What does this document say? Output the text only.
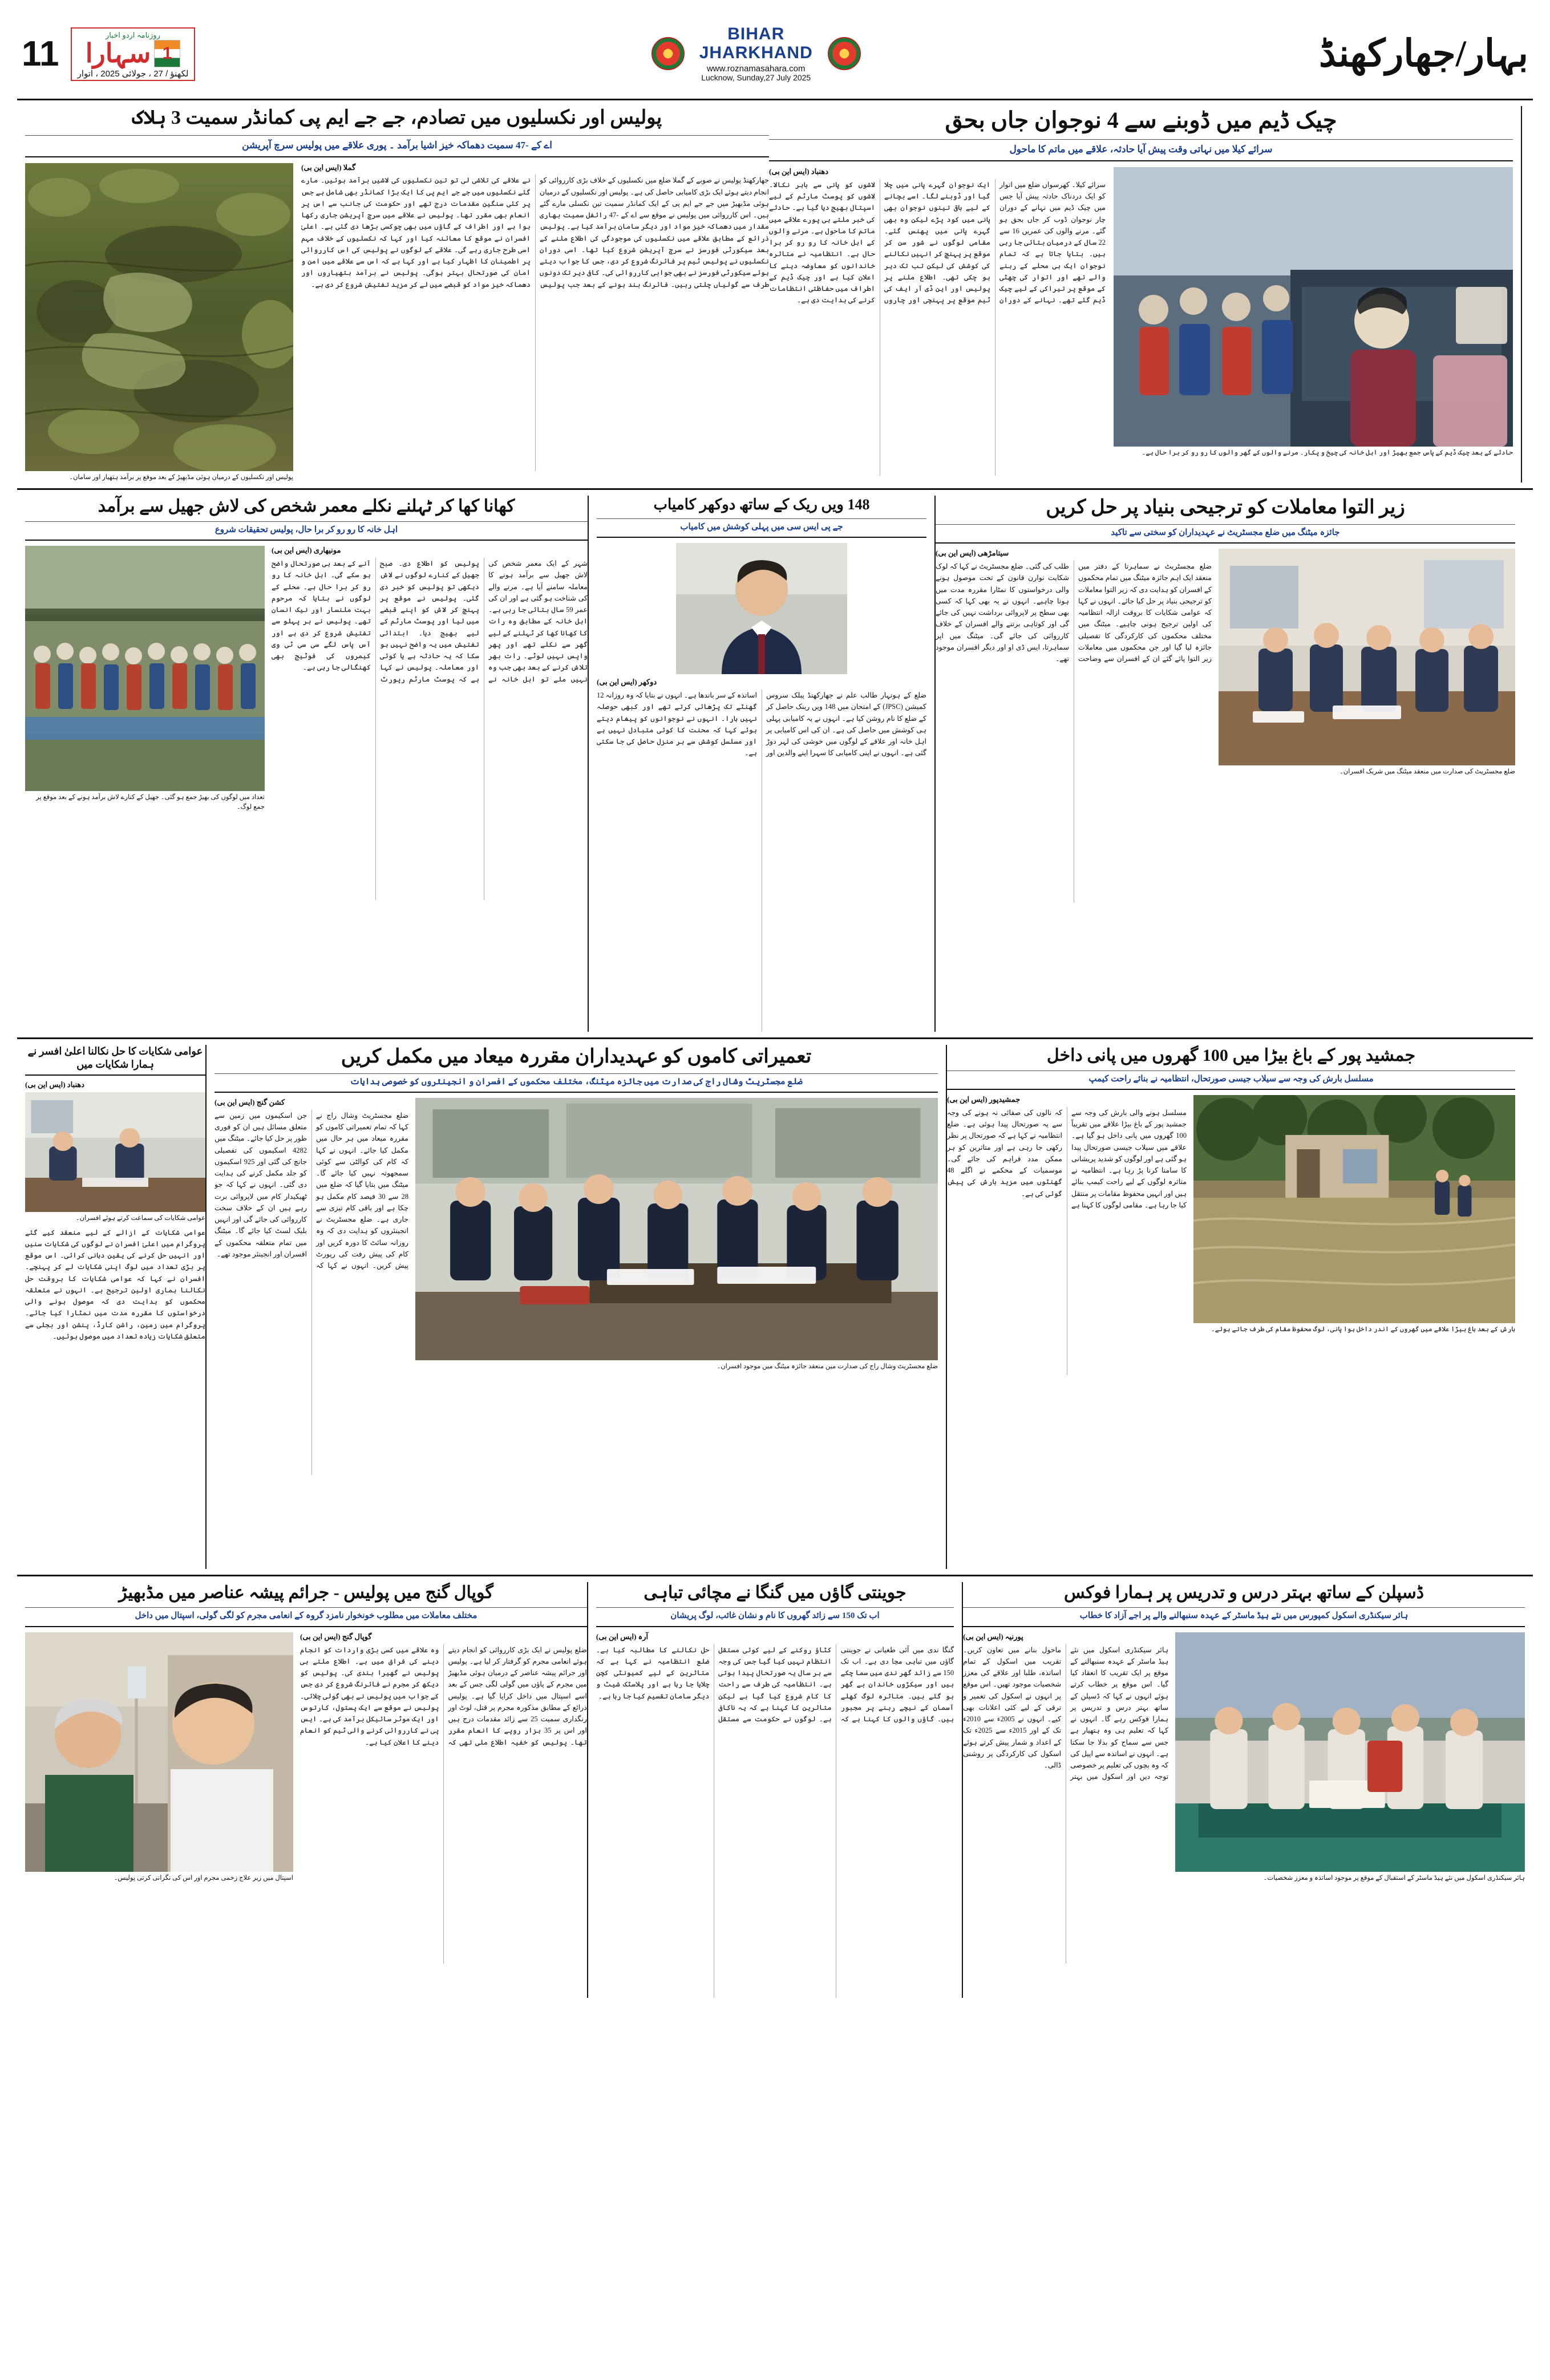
11	روزنامہ اردو اخبار
سہارا 1
لکھنؤ / 27 ، جولائی 2025 ، اتوار
BIHAR
JHARKHAND
www.roznamasahara.com
Lucknow, Sunday,27 July 2025
بہار/جھارکھنڈ
پولیس اور نکسلیوں میں تصادم، جے جے ایم پی کمانڈر سمیت 3 ہلاک
اے کے -47 سمیت دھماکہ خیز اشیا برآمد ۔ پوری علاقے میں پولیس سرچ آپریشن
گملا (ایس این بی)
جھارکھنڈ پولیس نے صوبے کے گملا ضلع میں نکسلیوں کے خلاف بڑی کارروائی کو انجام دیتے ہوئے ایک بڑی کامیابی حاصل کی ہے۔ پولیس اور نکسلیوں کے درمیان ہوئی مڈبھیڑ میں جے جے ایم پی کے ایک کمانڈر سمیت تین نکسلی مارے گئے ہیں۔ اس کارروائی میں پولیس نے موقع سے اے کے -47 رائفل سمیت بھاری مقدار میں دھماکہ خیز مواد اور دیگر سامان برآمد کیا ہے۔ پولیس ذرائع کے مطابق علاقے میں نکسلیوں کی موجودگی کی اطلاع ملنے کے بعد سیکورٹی فورسز نے سرچ آپریشن شروع کیا تھا۔ اسی دوران نکسلیوں نے پولیس ٹیم پر فائرنگ شروع کر دی، جس کا جواب دیتے ہوئے سیکورٹی فورسز نے بھی جوابی کارروائی کی۔ کافی دیر تک دونوں طرف سے گولیاں چلتی رہیں۔ فائرنگ بند ہونے کے بعد جب پولیس نے علاقے کی تلاشی لی تو تین نکسلیوں کی لاشیں برآمد ہوئیں۔ مارے گئے نکسلیوں میں جے جے ایم پی کا ایک بڑا کمانڈر بھی شامل ہے جس پر کئی سنگین مقدمات درج تھے اور حکومت کی جانب سے اس پر انعام بھی مقرر تھا۔ پولیس نے علاقے میں سرچ آپریشن جاری رکھا ہوا ہے اور اطراف کے گاؤں میں بھی چوکسی بڑھا دی گئی ہے۔ اعلیٰ افسران نے موقع کا معائنہ کیا اور کہا کہ نکسلیوں کے خلاف مہم اسی طرح جاری رہے گی۔ علاقے کے لوگوں نے پولیس کی اس کارروائی پر اطمینان کا اظہار کیا ہے اور کہا ہے کہ اس سے علاقے میں امن و امان کی صورتحال بہتر ہوگی۔ پولیس نے برآمد ہتھیاروں اور دھماکہ خیز مواد کو قبضے میں لے کر مزید تفتیش شروع کر دی ہے۔
پولیس اور نکسلیوں کے درمیان ہوئی مڈبھیڑ کے بعد موقع پر برآمد ہتھیار اور سامان۔
چیک ڈیم میں ڈوبنے سے 4 نوجوان جاں بحق
سرائے کیلا میں نہاتی وقت پیش آیا حادثہ، علاقے میں ماتم کا ماحول
دھنباد (ایس این بی)
سرائے کیلا۔ کھرسواں ضلع میں اتوار کو ایک دردناک حادثہ پیش آیا جس میں چیک ڈیم میں نہانے کے دوران چار نوجوان ڈوب کر جاں بحق ہو گئے۔ مرنے والوں کی عمریں 16 سے 22 سال کے درمیان بتائی جا رہی ہیں۔ بتایا جاتا ہے کہ تمام نوجوان ایک ہی محلے کے رہنے والے تھے اور اتوار کی چھٹی کے موقع پر تیراکی کے لیے چیک ڈیم گئے تھے۔ نہانے کے دوران ایک نوجوان گہرے پانی میں چلا گیا اور ڈوبنے لگا۔ اسے بچانے کے لیے باقی تینوں نوجوان بھی پانی میں کود پڑے لیکن وہ بھی گہرے پانی میں پھنس گئے۔ مقامی لوگوں نے شور سن کر موقع پر پہنچ کر انہیں نکالنے کی کوشش کی لیکن تب تک دیر ہو چکی تھی۔ اطلاع ملنے پر پولیس اور این ڈی آر ایف کی ٹیم موقع پر پہنچی اور چاروں لاشوں کو پانی سے باہر نکالا۔ لاشوں کو پوسٹ مارٹم کے لیے اسپتال بھیج دیا گیا ہے۔ حادثے کی خبر ملتے ہی پورے علاقے میں ماتم کا ماحول ہے۔ مرنے والوں کے اہل خانہ کا رو رو کر برا حال ہے۔ انتظامیہ نے متاثرہ خاندانوں کو معاوضہ دینے کا اعلان کیا ہے اور چیک ڈیم کے اطراف میں حفاظتی انتظامات کرنے کی ہدایت دی ہے۔
حادثے کے بعد چیک ڈیم کے پاس جمع بھیڑ اور اہل خانہ کی چیخ و پکار۔ مرنے والوں کے گھر والوں کا رو رو کر برا حال ہے۔
کھانا کھا کر ٹہلنے نکلے معمر شخص کی لاش جھیل سے برآمد
اہل خانہ کا رو رو کر برا حال، پولیس تحقیقات شروع
تعداد میں لوگوں کی بھیڑ جمع ہو گئی۔ جھیل کے کنارے لاش برآمد ہونے کے بعد موقع پر جمع لوگ۔
مونیھاری (ایس این بی)
شہر کے ایک معمر شخص کی لاش جھیل سے برآمد ہونے کا معاملہ سامنے آیا ہے۔ مرنے والے کی شناخت ہو گئی ہے اور ان کی عمر 59 سال بتائی جا رہی ہے۔ اہل خانہ کے مطابق وہ رات کا کھانا کھا کر ٹہلنے کے لیے گھر سے نکلے تھے اور پھر واپس نہیں لوٹے۔ رات بھر تلاش کرنے کے بعد بھی جب وہ نہیں ملے تو اہل خانہ نے پولیس کو اطلاع دی۔ صبح جھیل کے کنارے لوگوں نے لاش دیکھی تو پولیس کو خبر دی گئی۔ پولیس نے موقع پر پہنچ کر لاش کو اپنے قبضے میں لیا اور پوسٹ مارٹم کے لیے بھیج دیا۔ ابتدائی تفتیش میں یہ واضح نہیں ہو سکا کہ یہ حادثہ ہے یا کوئی اور معاملہ۔ پولیس نے کہا ہے کہ پوسٹ مارٹم رپورٹ آنے کے بعد ہی صورتحال واضح ہو سکے گی۔ اہل خانہ کا رو رو کر برا حال ہے۔ محلے کے لوگوں نے بتایا کہ مرحوم بہت ملنسار اور نیک انسان تھے۔ پولیس نے ہر پہلو سے تفتیش شروع کر دی ہے اور آس پاس لگے سی سی ٹی وی کیمروں کی فوٹیج بھی کھنگالی جا رہی ہے۔
148 ویں ریک کے ساتھ دوکھر کامیاب
جے پی ایس سی میں پہلی کوشش میں کامیاب
دوکھر (ایس این بی)
ضلع کے ہونہار طالب علم نے جھارکھنڈ پبلک سروس کمیشن (JPSC) کے امتحان میں 148 ویں رینک حاصل کر کے ضلع کا نام روشن کیا ہے۔ انہوں نے یہ کامیابی پہلی ہی کوشش میں حاصل کی ہے۔ ان کی اس کامیابی پر اہل خانہ اور علاقے کے لوگوں میں خوشی کی لہر دوڑ گئی ہے۔ انہوں نے اپنی کامیابی کا سہرا اپنے والدین اور اساتذہ کے سر باندھا ہے۔ انہوں نے بتایا کہ وہ روزانہ 12 گھنٹے تک پڑھائی کرتے تھے اور کبھی حوصلہ نہیں ہارا۔ انہوں نے نوجوانوں کو پیغام دیتے ہوئے کہا کہ محنت کا کوئی متبادل نہیں ہے اور مسلسل کوشش سے ہر منزل حاصل کی جا سکتی ہے۔
زیر التوا معاملات کو ترجیحی بنیاد پر حل کریں
جائزہ میٹنگ میں ضلع مجسٹریٹ نے عہدیداران کو سختی سے تاکید
سیتامڑھی (ایس این بی)
ضلع مجسٹریٹ نے سماہرتا کے دفتر میں منعقد ایک اہم جائزہ میٹنگ میں تمام محکموں کے افسران کو ہدایت دی کہ زیر التوا معاملات کو ترجیحی بنیاد پر حل کیا جائے۔ انہوں نے کہا کہ عوامی شکایات کا بروقت ازالہ انتظامیہ کی اولین ترجیح ہونی چاہیے۔ میٹنگ میں مختلف محکموں کی کارکردگی کا تفصیلی جائزہ لیا گیا اور جن محکموں میں معاملات زیر التوا پائے گئے ان کے افسران سے وضاحت طلب کی گئی۔ ضلع مجسٹریٹ نے کہا کہ لوک شکایت نوارن قانون کے تحت موصول ہونے والی درخواستوں کا نمٹارا مقررہ مدت میں ہونا چاہیے۔ انہوں نے یہ بھی کہا کہ کسی بھی سطح پر لاپروائی برداشت نہیں کی جائے گی اور کوتاہی برتنے والے افسران کے خلاف کارروائی کی جائے گی۔ میٹنگ میں اپر سماہرتا، ایس ڈی او اور دیگر افسران موجود تھے۔
ضلع مجسٹریٹ کی صدارت میں منعقد میٹنگ میں شریک افسران۔
عوامی شکایات کا حل نکالنا اعلیٰ افسر نے ہمارا شکایات میں
دھنباد (ایس این بی)
عوامی شکایات کی سماعت کرتے ہوئے افسران۔
عوامی شکایات کے ازالے کے لیے منعقد کیے گئے پروگرام میں اعلیٰ افسران نے لوگوں کی شکایات سنیں اور انہیں حل کرنے کی یقین دہانی کرائی۔ اس موقع پر بڑی تعداد میں لوگ اپنی شکایات لے کر پہنچے۔ افسران نے کہا کہ عوامی شکایات کا بروقت حل نکالنا ہماری اولین ترجیح ہے۔ انہوں نے متعلقہ محکموں کو ہدایت دی کہ موصول ہونے والی درخواستوں کا مقررہ مدت میں نمٹارا کیا جائے۔ پروگرام میں زمین، راشن کارڈ، پنشن اور بجلی سے متعلق شکایات زیادہ تعداد میں موصول ہوئیں۔
تعمیراتی کاموں کو عہدیداران مقررہ میعاد میں مکمل کریں
ضلع مجسٹریٹ وشال راج کی صدارت میں جائزہ میٹنگ، مختلف محکموں کے افسران و انجینئروں کو خصوصی ہدایات
کشن گنج (ایس این بی)
ضلع مجسٹریٹ وشال راج نے کہا کہ تمام تعمیراتی کاموں کو مقررہ میعاد میں ہر حال میں مکمل کیا جائے۔ انہوں نے کہا کہ کام کی کوالٹی سے کوئی سمجھوتہ نہیں کیا جائے گا۔ میٹنگ میں بتایا گیا کہ ضلع میں 28 سے 30 فیصد کام مکمل ہو چکا ہے اور باقی کام تیزی سے جاری ہے۔ ضلع مجسٹریٹ نے انجینئروں کو ہدایت دی کہ وہ روزانہ سائٹ کا دورہ کریں اور کام کی پیش رفت کی رپورٹ پیش کریں۔ انہوں نے کہا کہ جن اسکیموں میں زمین سے متعلق مسائل ہیں ان کو فوری طور پر حل کیا جائے۔ میٹنگ میں 4282 اسکیموں کی تفصیلی جانچ کی گئی اور 925 اسکیموں کو جلد مکمل کرنے کی ہدایت دی گئی۔ انہوں نے کہا کہ جو ٹھیکیدار کام میں لاپروائی برت رہے ہیں ان کے خلاف سخت کارروائی کی جائے گی اور انہیں بلیک لسٹ کیا جائے گا۔ میٹنگ میں تمام متعلقہ محکموں کے افسران اور انجینئر موجود تھے۔
ضلع مجسٹریٹ وشال راج کی صدارت میں منعقد جائزہ میٹنگ میں موجود افسران۔
جمشید پور کے باغ بیڑا میں 100 گھروں میں پانی داخل
مسلسل بارش کی وجہ سے سیلاب جیسی صورتحال، انتظامیہ نے بنائے راحت کیمپ
جمشیدپور (ایس این بی)
مسلسل ہونے والی بارش کی وجہ سے جمشید پور کے باغ بیڑا علاقے میں تقریباً 100 گھروں میں پانی داخل ہو گیا ہے۔ علاقے میں سیلاب جیسی صورتحال پیدا ہو گئی ہے اور لوگوں کو شدید پریشانی کا سامنا کرنا پڑ رہا ہے۔ انتظامیہ نے متاثرہ لوگوں کے لیے راحت کیمپ بنائے ہیں اور انہیں محفوظ مقامات پر منتقل کیا جا رہا ہے۔ مقامی لوگوں کا کہنا ہے کہ نالوں کی صفائی نہ ہونے کی وجہ سے یہ صورتحال پیدا ہوئی ہے۔ ضلع انتظامیہ نے کہا ہے کہ صورتحال پر نظر رکھی جا رہی ہے اور متاثرین کو ہر ممکن مدد فراہم کی جائے گی۔ موسمیات کے محکمے نے اگلے 48 گھنٹوں میں مزید بارش کی پیش گوئی کی ہے۔
بارش کے بعد باغ بیڑا علاقے میں گھروں کے اندر داخل ہوا پانی، لوگ محفوظ مقام کی طرف جاتے ہوئے۔
گوپال گنج میں پولیس - جرائم پیشہ عناصر میں مڈبھیڑ
مختلف معاملات میں مطلوب خونخوار نامزد گروہ کے انعامی مجرم کو لگی گولی، اسپتال میں داخل
اسپتال میں زیر علاج زخمی مجرم اور اس کی نگرانی کرتی پولیس۔
گوپال گنج (ایس این بی)
ضلع پولیس نے ایک بڑی کارروائی کو انجام دیتے ہوئے انعامی مجرم کو گرفتار کر لیا ہے۔ پولیس اور جرائم پیشہ عناصر کے درمیان ہوئی مڈبھیڑ میں مجرم کے پاؤں میں گولی لگی جس کے بعد اسے اسپتال میں داخل کرایا گیا ہے۔ پولیس ذرائع کے مطابق مذکورہ مجرم پر قتل، لوٹ اور رنگداری سمیت 25 سے زائد مقدمات درج ہیں اور اس پر 35 ہزار روپے کا انعام مقرر تھا۔ پولیس کو خفیہ اطلاع ملی تھی کہ وہ علاقے میں کسی بڑی واردات کو انجام دینے کی فراق میں ہے۔ اطلاع ملتے ہی پولیس نے گھیرا بندی کی۔ پولیس کو دیکھ کر مجرم نے فائرنگ شروع کر دی جس کے جواب میں پولیس نے بھی گولی چلائی۔ پولیس نے موقع سے ایک پستول، کارتوس اور ایک موٹر سائیکل برآمد کی ہے۔ ایس پی نے کارروائی کرنے والی ٹیم کو انعام دینے کا اعلان کیا ہے۔
جوینتی گاؤں میں گنگا نے مچائی تباہی
اب تک 150 سے زائد گھروں کا نام و نشان غائب، لوگ پریشان
آرہ (ایس این بی)
گنگا ندی میں آئی طغیانی نے جوینتی گاؤں میں تباہی مچا دی ہے۔ اب تک 150 سے زائد گھر ندی میں سما چکے ہیں اور سیکڑوں خاندان بے گھر ہو گئے ہیں۔ متاثرہ لوگ کھلے آسمان کے نیچے رہنے پر مجبور ہیں۔ گاؤں والوں کا کہنا ہے کہ کٹاؤ روکنے کے لیے کوئی مستقل انتظام نہیں کیا گیا جس کی وجہ سے ہر سال یہ صورتحال پیدا ہوتی ہے۔ انتظامیہ کی طرف سے راحت کا کام شروع کیا گیا ہے لیکن متاثرین کا کہنا ہے کہ یہ ناکافی ہے۔ لوگوں نے حکومت سے مستقل حل نکالنے کا مطالبہ کیا ہے۔ ضلع انتظامیہ نے کہا ہے کہ متاثرین کے لیے کمیونٹی کچن چلایا جا رہا ہے اور پلاسٹک شیٹ و دیگر سامان تقسیم کیا جا رہا ہے۔
ڈسپلن کے ساتھ بہتر درس و تدریس پر ہمارا فوکس
ہائر سیکنڈری اسکول کمپورس میں نئے ہیڈ ماسٹر کے عہدہ سنبھالنے والے پر اجے آزاد کا خطاب
پورنیہ (ایس این بی)
ہائر سیکنڈری اسکول میں نئے ہیڈ ماسٹر کے عہدہ سنبھالنے کے موقع پر ایک تقریب کا انعقاد کیا گیا۔ اس موقع پر خطاب کرتے ہوئے انہوں نے کہا کہ ڈسپلن کے ساتھ بہتر درس و تدریس پر ہمارا فوکس رہے گا۔ انہوں نے کہا کہ تعلیم ہی وہ ہتھیار ہے جس سے سماج کو بدلا جا سکتا ہے۔ انہوں نے اساتذہ سے اپیل کی کہ وہ بچوں کی تعلیم پر خصوصی توجہ دیں اور اسکول میں بہتر ماحول بنانے میں تعاون کریں۔ تقریب میں اسکول کے تمام اساتذہ، طلبا اور علاقے کی معزز شخصیات موجود تھیں۔ اس موقع پر انہوں نے اسکول کی تعمیر و ترقی کے لیے کئی اعلانات بھی کیے۔ انہوں نے 2005ء سے 2010ء تک کے اور 2015ء سے 2025ء تک کے اعداد و شمار پیش کرتے ہوئے اسکول کی کارکردگی پر روشنی ڈالی۔
ہائر سیکنڈری اسکول میں نئے ہیڈ ماسٹر کے استقبال کے موقع پر موجود اساتذہ و معزز شخصیات۔
